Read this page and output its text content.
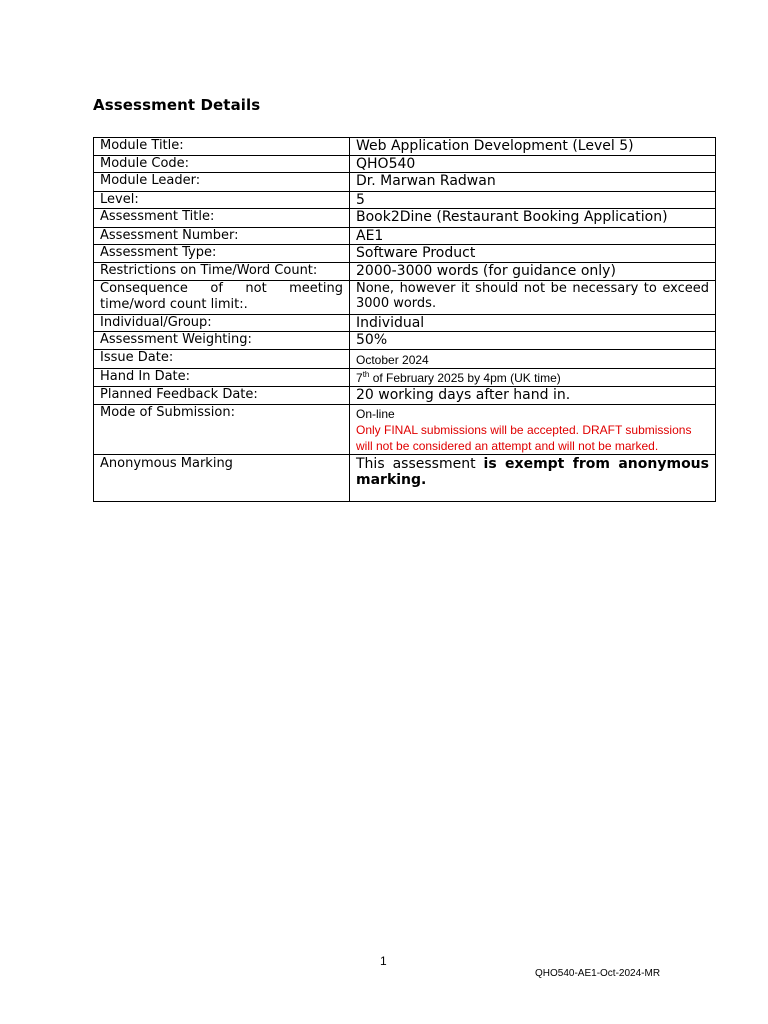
Assessment Details
Module Title:	Web Application Development (Level 5)
Module Code:	QHO540
Module Leader:	Dr. Marwan Radwan
Level:	5
Assessment Title:	Book2Dine (Restaurant Booking Application)
Assessment Number:	AE1
Assessment Type:	Software Product
Restrictions on Time/Word Count:	2000-3000 words (for guidance only)
Consequence of not meeting time/word count limit:.	None, however it should not be necessary to exceed 3000 words.
Individual/Group:	Individual
Assessment Weighting:	50%
Issue Date:	October 2024
Hand In Date:	7th of February 2025 by 4pm (UK time)
Planned Feedback Date:	20 working days after hand in.
Mode of Submission:	On-line
Only FINAL submissions will be accepted. DRAFT submissions will not be considered an attempt and will not be marked.

Anonymous Marking	This assessment is exempt from anonymous marking.
1
QHO540-AE1-Oct-2024-MR
